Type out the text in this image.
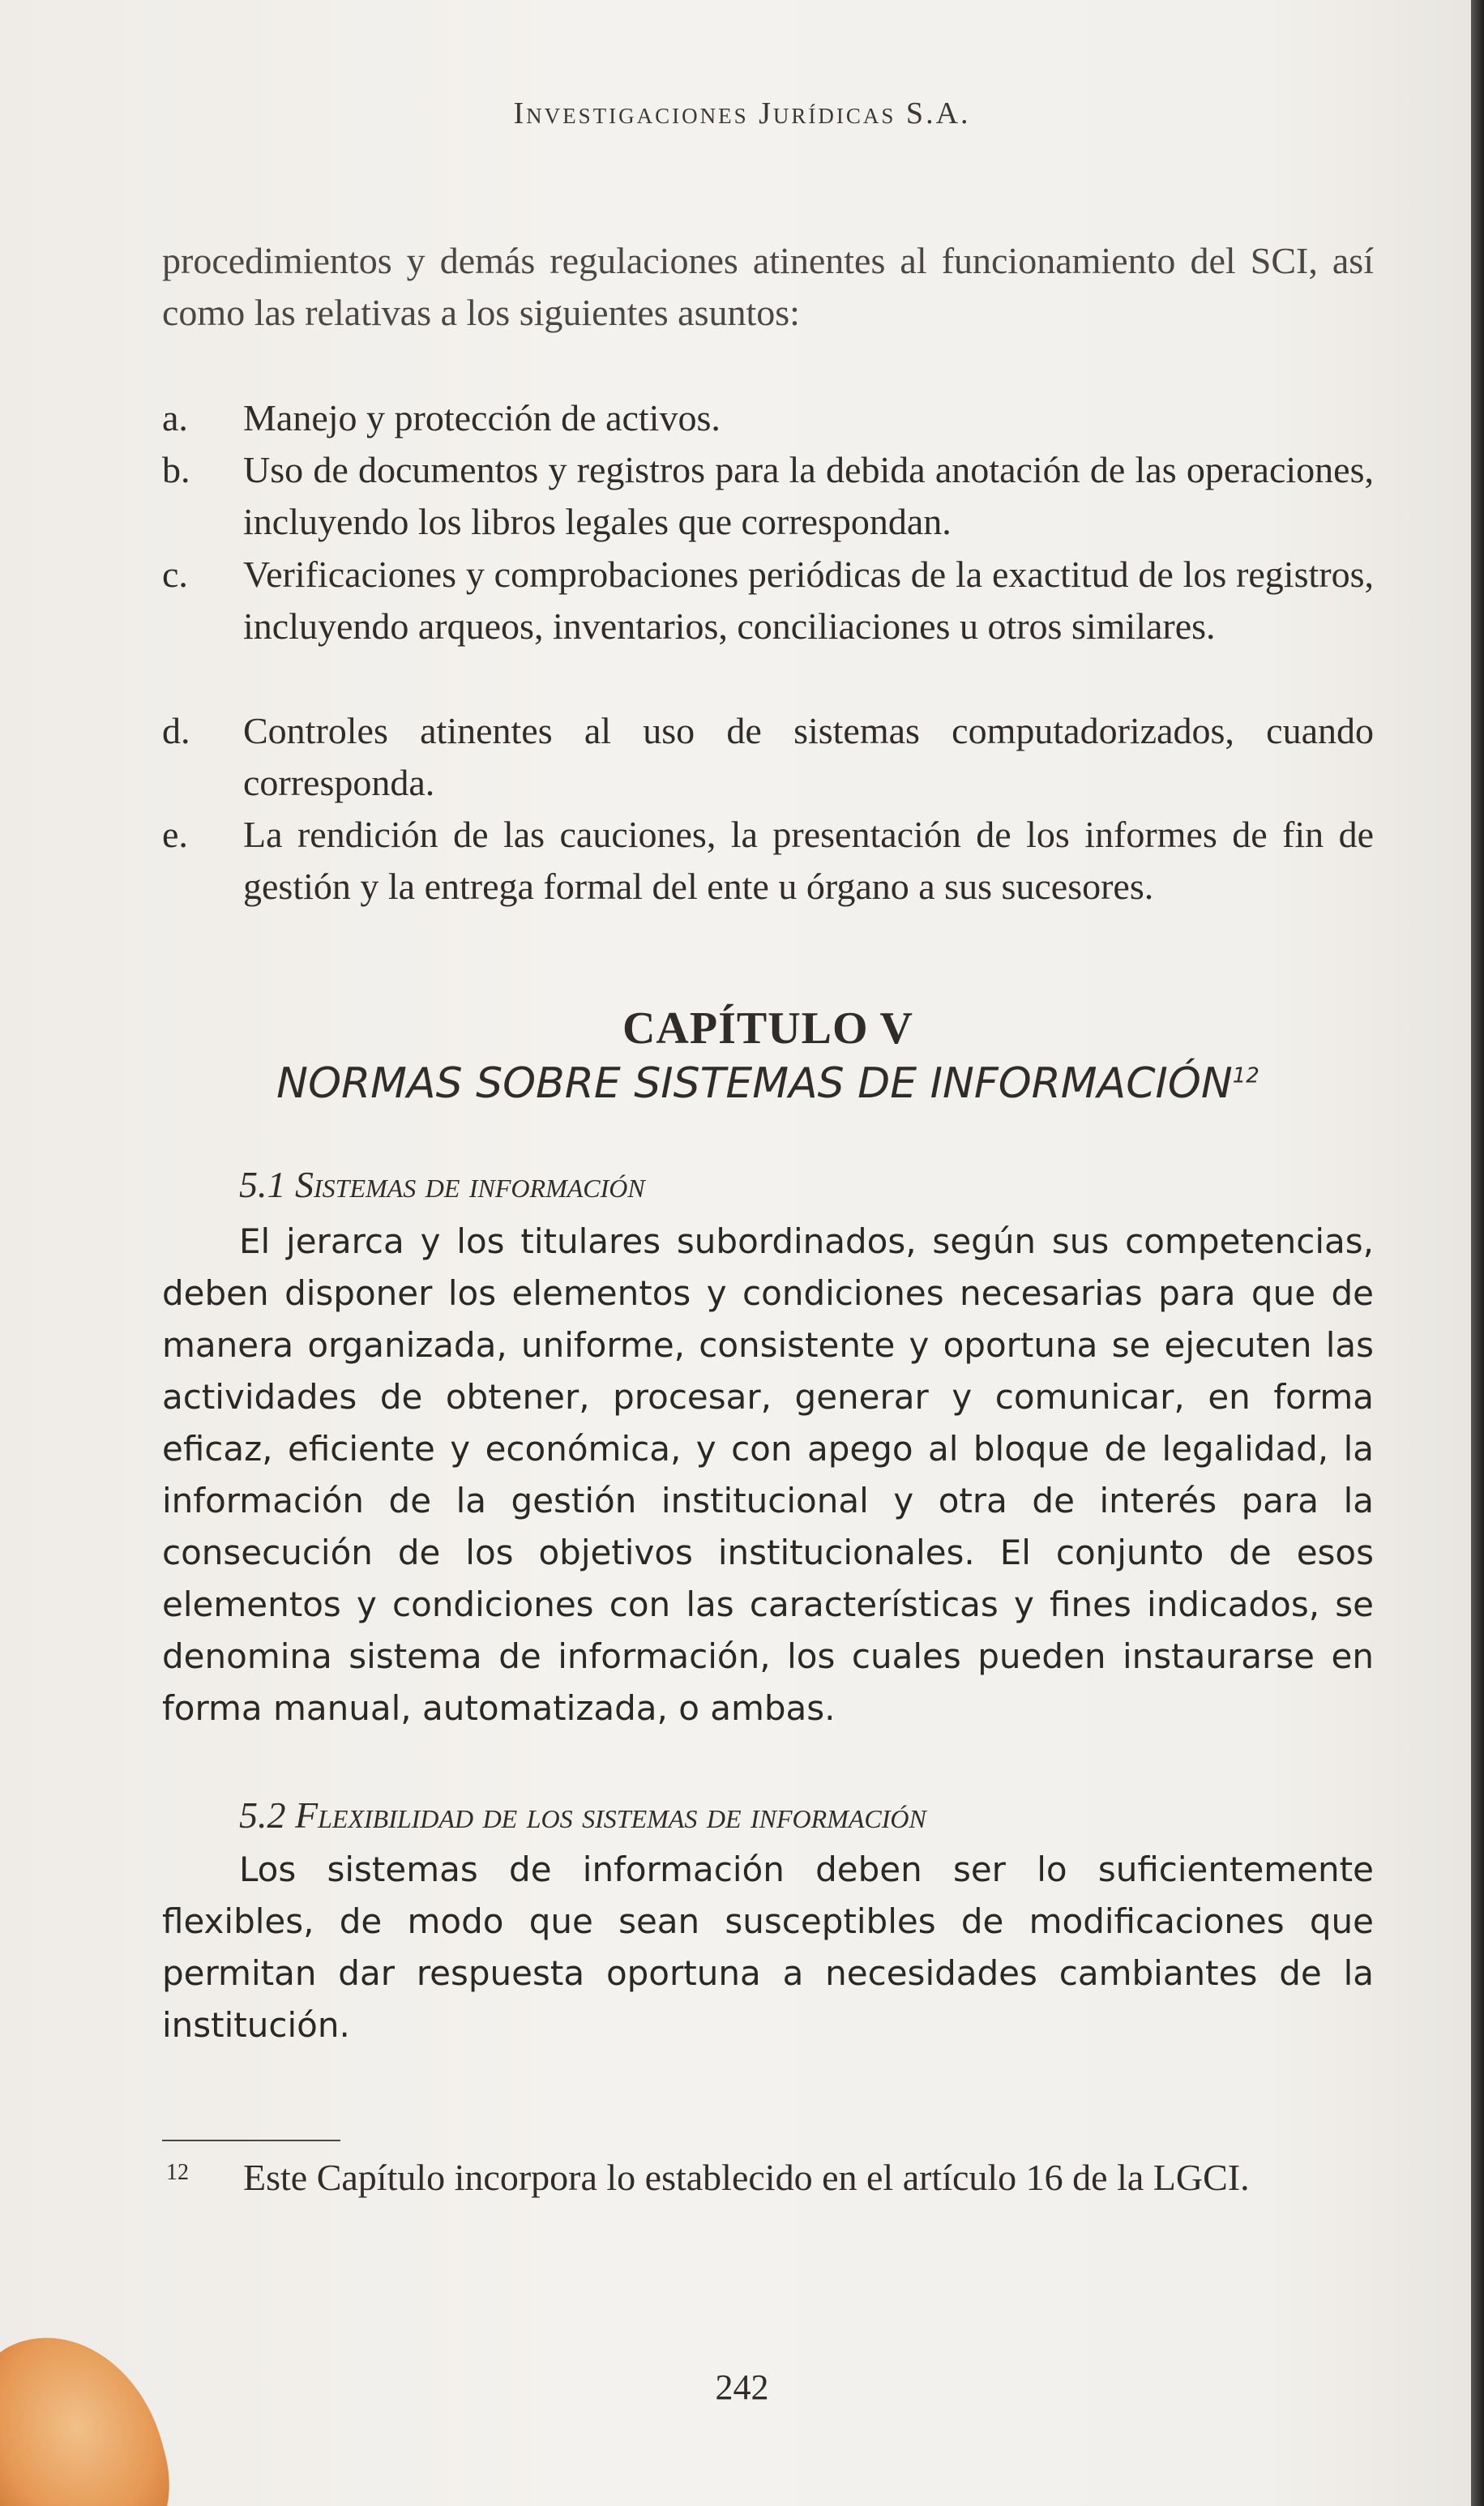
Investigaciones Jurídicas S.A.
procedimientos y demás regulaciones atinentes al funcionamiento del SCI, así como las relativas a los siguientes asuntos:
a.	Manejo y protección de activos.
b.	Uso de documentos y registros para la debida anotación de las operaciones, incluyendo los libros legales que correspondan.
c.	Verificaciones y comprobaciones periódicas de la exactitud de los registros, incluyendo arqueos, inventarios, conciliaciones u otros similares.
d.	Controles atinentes al uso de sistemas computadorizados, cuando corresponda.
e.	La rendición de las cauciones, la presentación de los informes de fin de gestión y la entrega formal del ente u órgano a sus sucesores.
CAPÍTULO V
NORMAS SOBRE SISTEMAS DE INFORMACIÓN$^{12}$
5.1 Sistemas de información
El jerarca y los titulares subordinados, según sus competencias, deben disponer los elementos y condiciones necesarias para que de manera organizada, uniforme, consistente y oportuna se ejecuten las actividades de obtener, procesar, generar y comunicar, en forma eficaz, eficiente y económica, y con apego al bloque de legalidad, la información de la gestión institucional y otra de interés para la consecución de los objetivos institucionales. El conjunto de esos elementos y condiciones con las características y fines indicados, se denomina sistema de información, los cuales pueden instaurarse en forma manual, automatizada, o ambas.
5.2 Flexibilidad de los sistemas de información
Los sistemas de información deben ser lo suficientemente flexibles, de modo que sean susceptibles de modificaciones que permitan dar respuesta oportuna a necesidades cambiantes de la institución.
12 Este Capítulo incorpora lo establecido en el artículo 16 de la LGCI.
242
